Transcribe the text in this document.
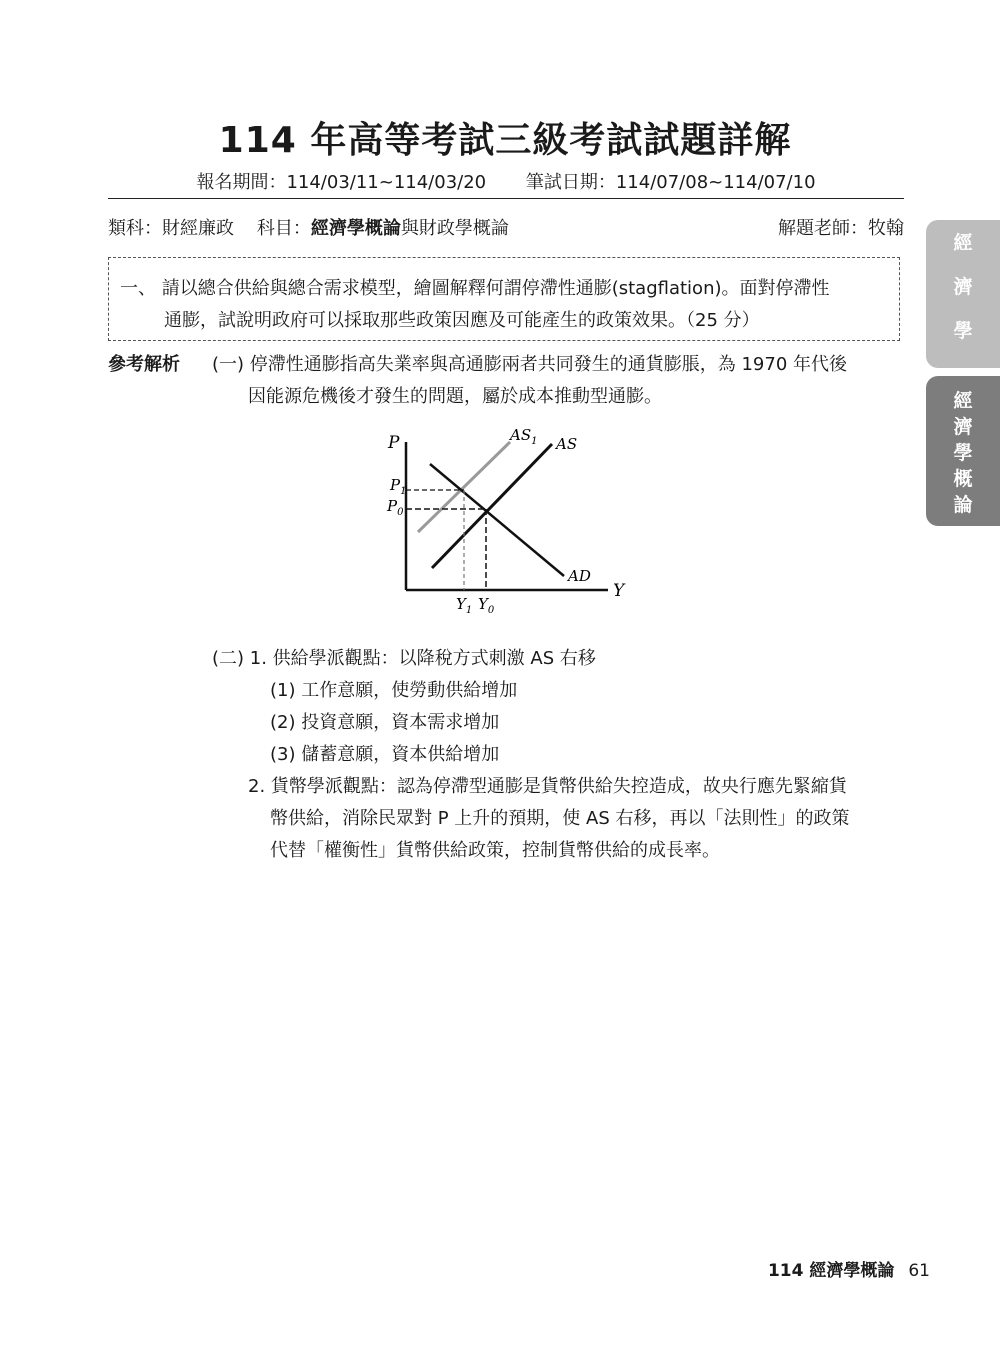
114 年高等考試三級考試試題詳解
報名期間：114/03/11~114/03/20 筆試日期：114/07/08~114/07/10
類科：財經廉政 科目：經濟學概論與財政學概論	解題老師：牧翰
一、 請以總合供給與總合需求模型，繪圖解釋何謂停滯性通膨(stagflation)。面對停滯性
通膨，試說明政府可以採取那些政策因應及可能產生的政策效果。（25 分）
參考解析 (一) 停滯性通膨指高失業率與高通膨兩者共同發生的通貨膨脹，為 1970 年代後
因能源危機後才發生的問題，屬於成本推動型通膨。
P
Y
$AS_1$ AS
AD
$P_1$
$P_0$
$Y_1$ $Y_0$
(二) 1. 供給學派觀點：以降稅方式刺激 AS 右移
(1) 工作意願，使勞動供給增加
(2) 投資意願，資本需求增加
(3) 儲蓄意願，資本供給增加
2. 貨幣學派觀點：認為停滯型通膨是貨幣供給失控造成，故央行應先緊縮貨
幣供給，消除民眾對 P 上升的預期，使 AS 右移，再以「法則性」的政策
代替「權衡性」貨幣供給政策，控制貨幣供給的成長率。
經
濟
學
經
濟
學
概
論
114 經濟學概論 61
